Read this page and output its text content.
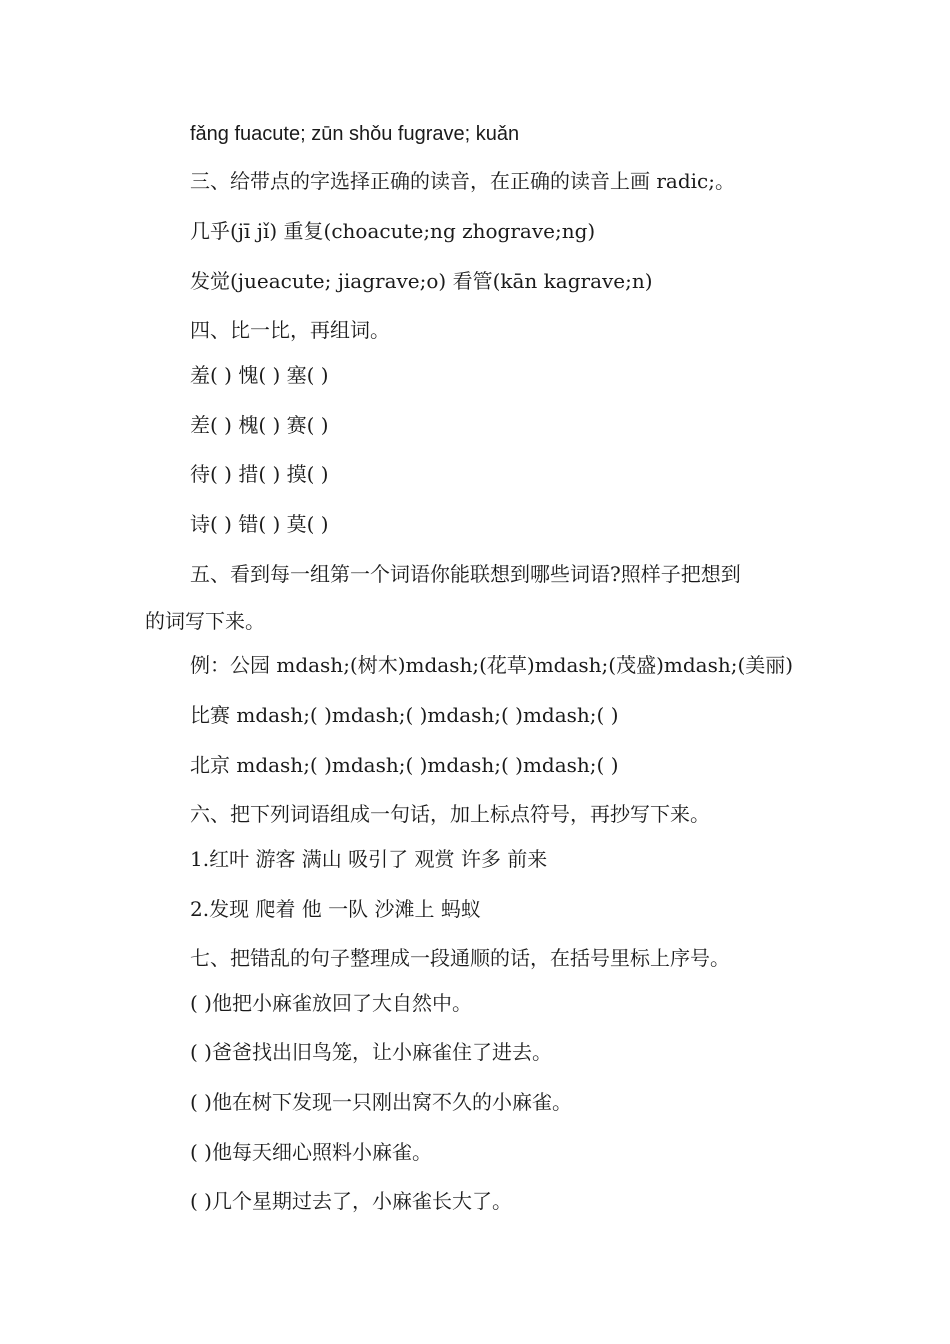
fǎng fuacute; zūn shǒu fugrave; kuǎn
三、给带点的字选择正确的读音，在正确的读音上画 radic;。
几乎(jī jǐ) 重复(choacute;ng zhograve;ng)
发觉(jueacute; jiagrave;o) 看管(kān kagrave;n)
四、比一比，再组词。
羞( ) 愧( ) 塞( )
差( ) 槐( ) 赛( )
待( ) 措( ) 摸( )
诗( ) 错( ) 莫( )
五、看到每一组第一个词语你能联想到哪些词语?照样子把想到
的词写下来。
例：公园 mdash;(树木)mdash;(花草)mdash;(茂盛)mdash;(美丽)
比赛 mdash;( )mdash;( )mdash;( )mdash;( )
北京 mdash;( )mdash;( )mdash;( )mdash;( )
六、把下列词语组成一句话，加上标点符号，再抄写下来。
1.红叶 游客 满山 吸引了 观赏 许多 前来
2.发现 爬着 他 一队 沙滩上 蚂蚁
七、把错乱的句子整理成一段通顺的话，在括号里标上序号。
( )他把小麻雀放回了大自然中。
( )爸爸找出旧鸟笼，让小麻雀住了进去。
( )他在树下发现一只刚出窝不久的小麻雀。
( )他每天细心照料小麻雀。
( )几个星期过去了，小麻雀长大了。
